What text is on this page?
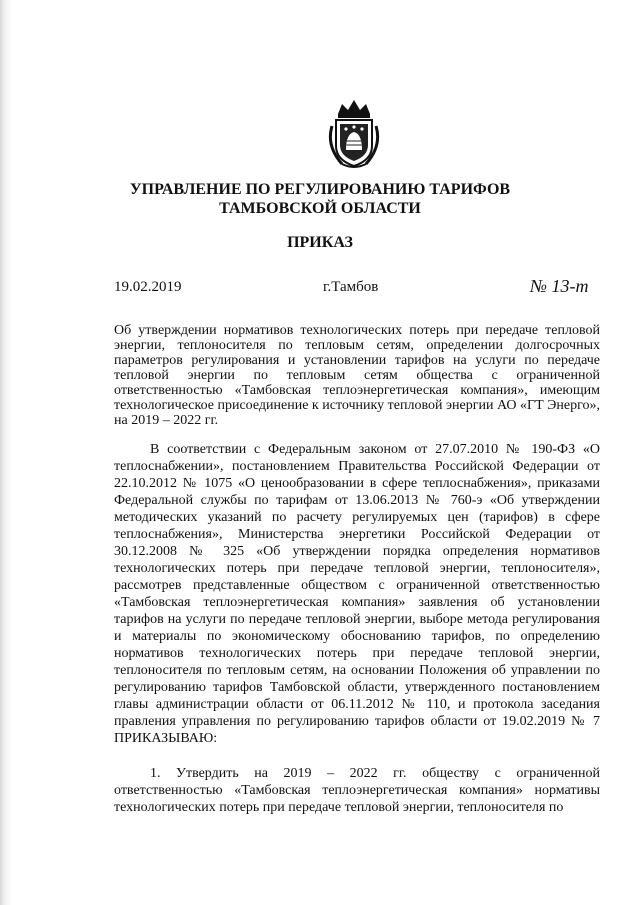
УПРАВЛЕНИЕ ПО РЕГУЛИРОВАНИЮ ТАРИФОВ
ТАМБОВСКОЙ ОБЛАСТИ
ПРИКАЗ
19.02.2019	г.Тамбов	№ 13-т
Об утверждении нормативов технологических потерь при передаче тепловой энергии, теплоносителя по тепловым сетям, определении долгосрочных параметров регулирования и установлении тарифов на услуги по передаче тепловой энергии по тепловым сетям общества с ограниченной ответственностью «Тамбовская теплоэнергетическая компания», имеющим технологическое присоединение к источнику тепловой энергии АО «ГТ Энерго», на 2019 – 2022 гг.

В соответствии с Федеральным законом от 27.07.2010 № 190-ФЗ «О теплоснабжении», постановлением Правительства Российской Федерации от 22.10.2012 № 1075 «О ценообразовании в сфере теплоснабжения», приказами Федеральной службы по тарифам от 13.06.2013 № 760-э «Об утверждении методических указаний по расчету регулируемых цен (тарифов) в сфере теплоснабжения», Министерства энергетики Российской Федерации от 30.12.2008 № 325 «Об утверждении порядка определения нормативов технологических потерь при передаче тепловой энергии, теплоносителя», рассмотрев представленные обществом с ограниченной ответственностью «Тамбовская теплоэнергетическая компания» заявления об установлении тарифов на услуги по передаче тепловой энергии, выборе метода регулирования и материалы по экономическому обоснованию тарифов, по определению нормативов технологических потерь при передаче тепловой энергии, теплоносителя по тепловым сетям, на основании Положения об управлении по регулированию тарифов Тамбовской области, утвержденного постановлением главы администрации области от 06.11.2012 № 110, и протокола заседания правления управления по регулированию тарифов области от 19.02.2019 № 7 ПРИКАЗЫВАЮ:

1. Утвердить на 2019 – 2022 гг. обществу с ограниченной ответственностью «Тамбовская теплоэнергетическая компания» нормативы технологических потерь при передаче тепловой энергии, теплоносителя по
